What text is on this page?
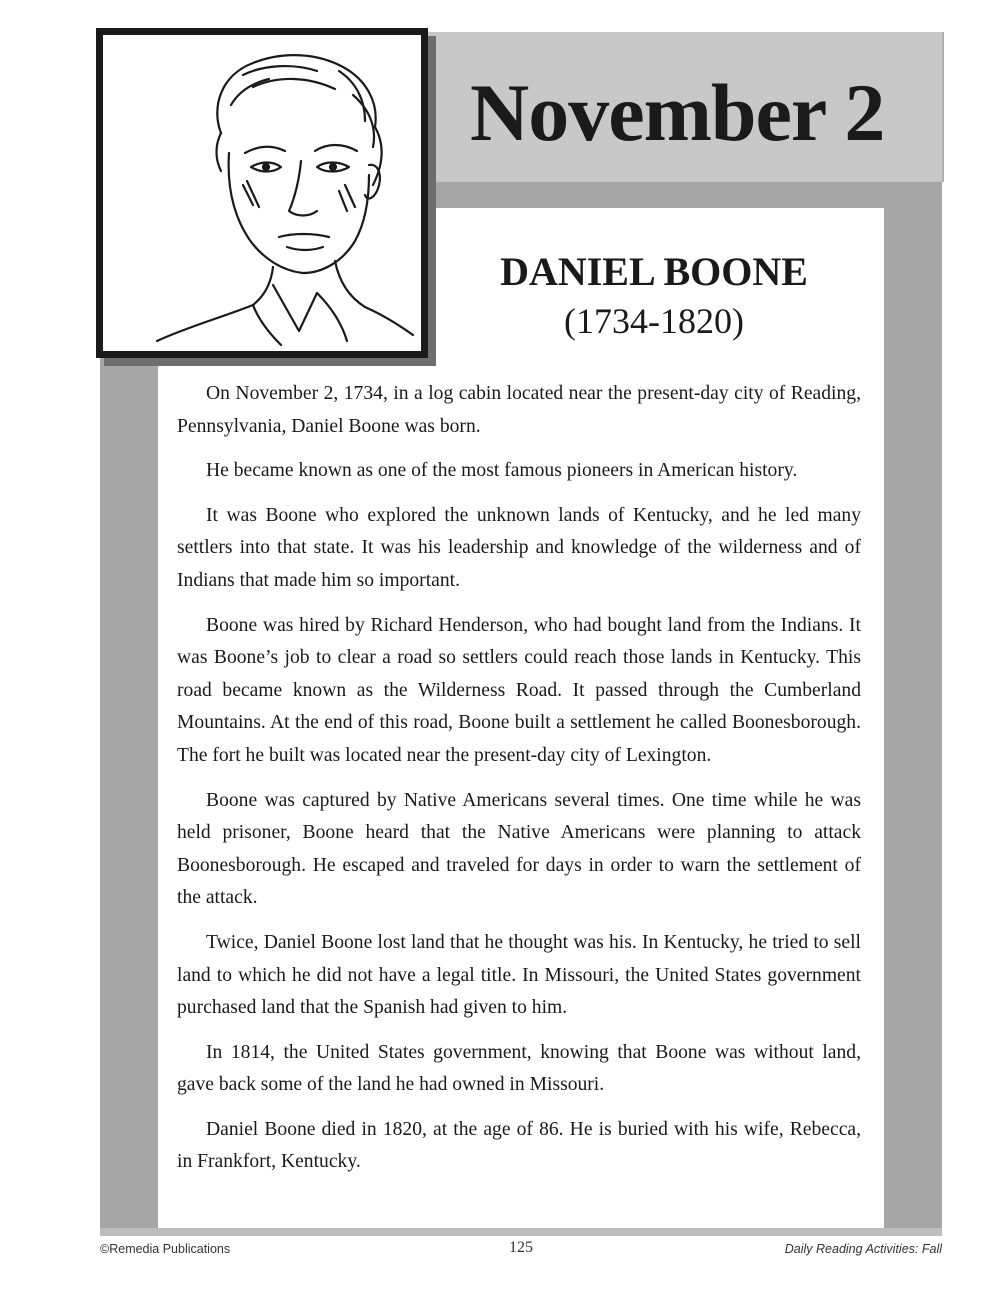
November 2
DANIEL BOONE
(1734-1820)

On November 2, 1734, in a log cabin located near the present-day city of Reading, Pennsylvania, Daniel Boone was born.

He became known as one of the most famous pioneers in American history.

It was Boone who explored the unknown lands of Kentucky, and he led many settlers into that state. It was his leadership and knowledge of the wilderness and of Indians that made him so important.

Boone was hired by Richard Henderson, who had bought land from the Indians. It was Boone’s job to clear a road so settlers could reach those lands in Kentucky. This road became known as the Wilderness Road. It passed through the Cumberland Mountains. At the end of this road, Boone built a settlement he called Boonesborough. The fort he built was located near the present-day city of Lexington.

Boone was captured by Native Americans several times. One time while he was held prisoner, Boone heard that the Native Americans were planning to attack Boonesborough. He escaped and traveled for days in order to warn the settlement of the attack.

Twice, Daniel Boone lost land that he thought was his. In Kentucky, he tried to sell land to which he did not have a legal title. In Missouri, the United States government purchased land that the Spanish had given to him.

In 1814, the United States government, knowing that Boone was without land, gave back some of the land he had owned in Missouri.

Daniel Boone died in 1820, at the age of 86. He is buried with his wife, Rebecca, in Frankfort, Kentucky.

©Remedia Publications	125	Daily Reading Activities: Fall
